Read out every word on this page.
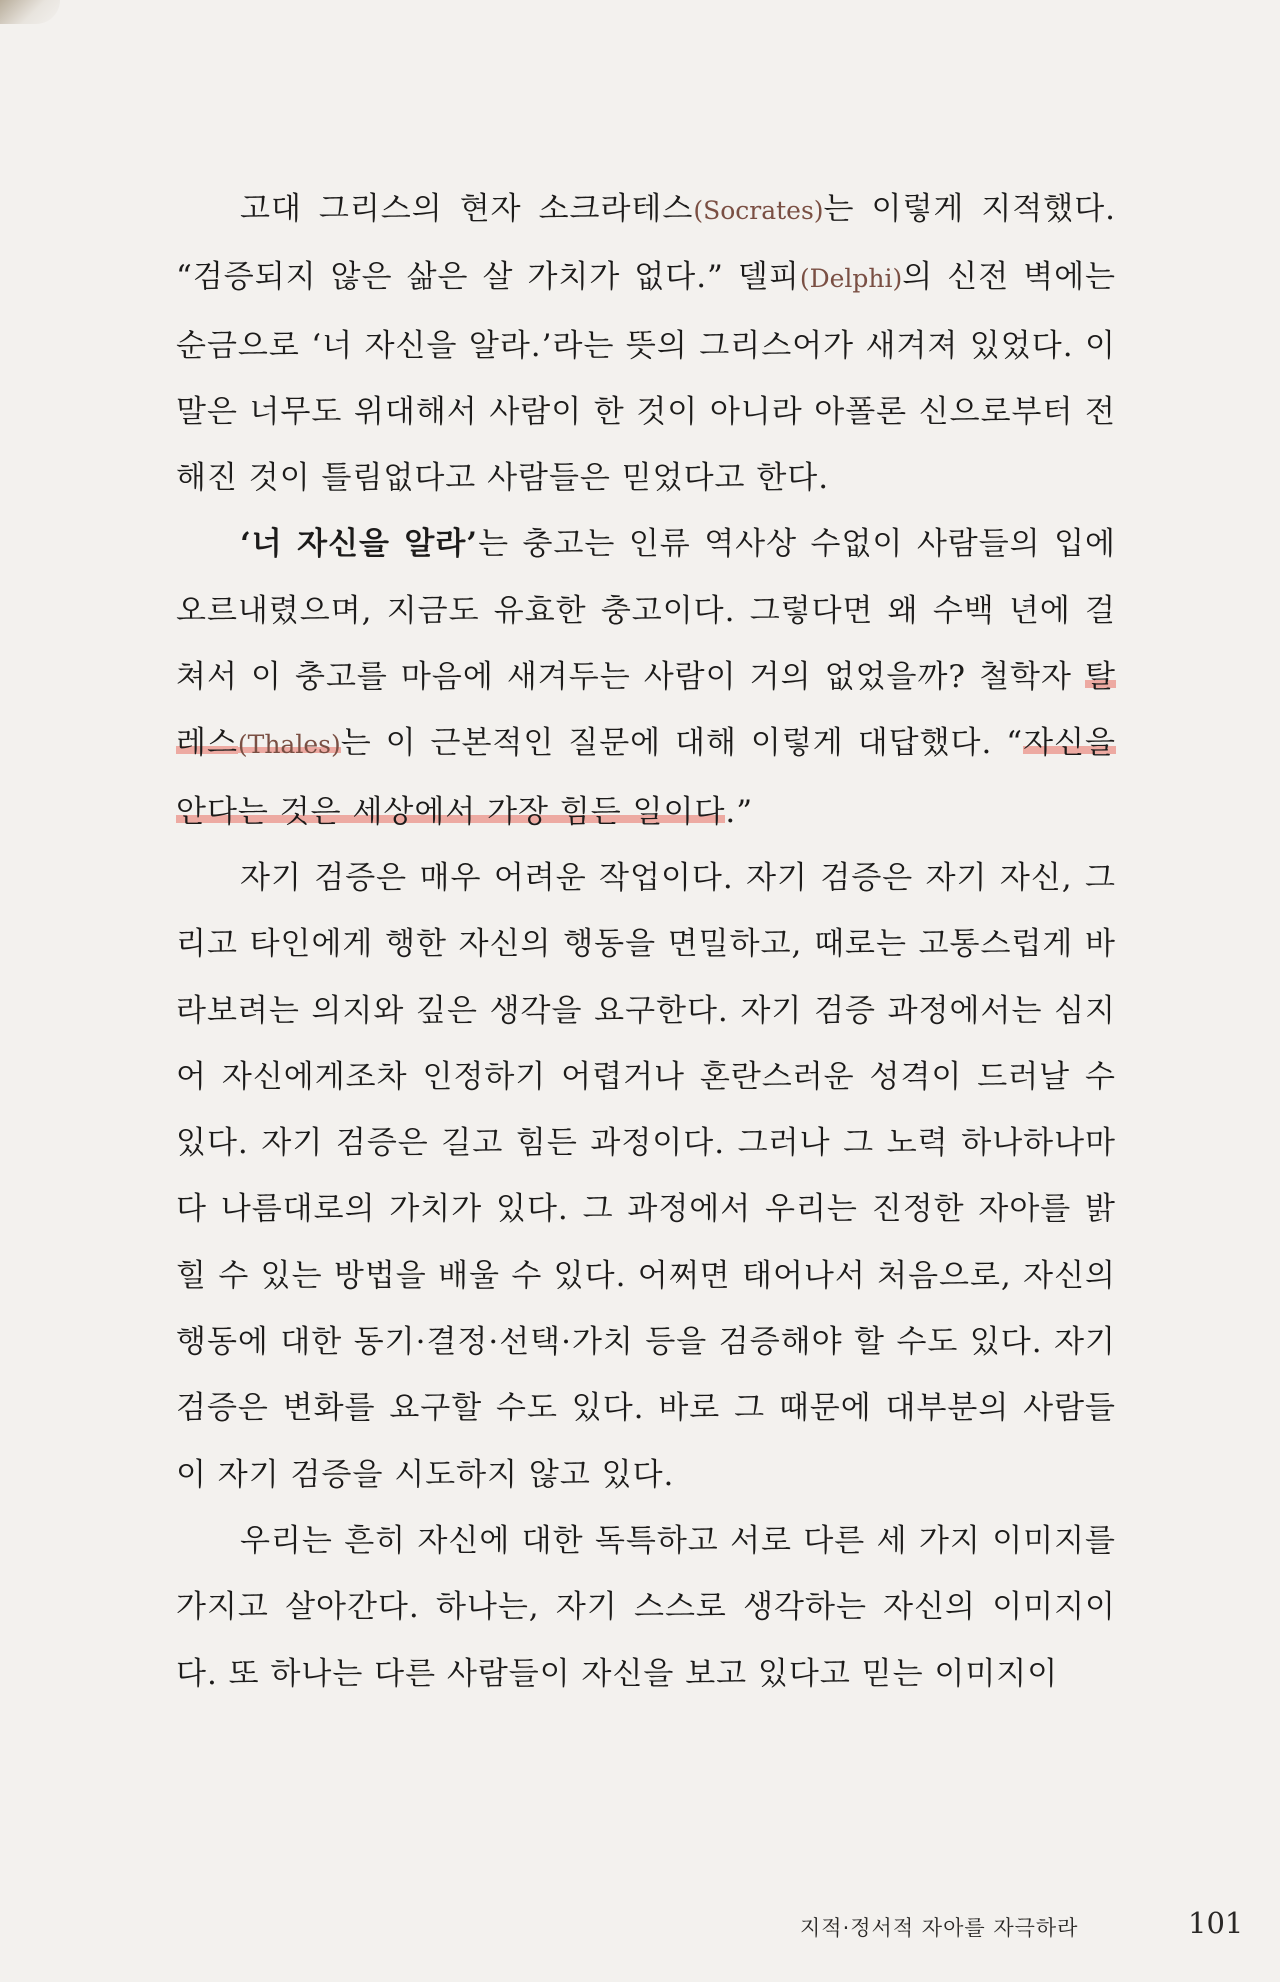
고대 그리스의 현자 소크라테스(Socrates)는 이렇게 지적했다. “검증되지 않은 삶은 살 가치가 없다.” 델피(Delphi)의 신전 벽에는 순금으로 ‘너 자신을 알라.’라는 뜻의 그리스어가 새겨져 있었다. 이 말은 너무도 위대해서 사람이 한 것이 아니라 아폴론 신으로부터 전해진 것이 틀림없다고 사람들은 믿었다고 한다.

‘너 자신을 알라’는 충고는 인류 역사상 수없이 사람들의 입에 오르내렸으며, 지금도 유효한 충고이다. 그렇다면 왜 수백 년에 걸쳐서 이 충고를 마음에 새겨두는 사람이 거의 없었을까? 철학자 탈레스(Thales)는 이 근본적인 질문에 대해 이렇게 대답했다. “자신을 안다는 것은 세상에서 가장 힘든 일이다.”

자기 검증은 매우 어려운 작업이다. 자기 검증은 자기 자신, 그리고 타인에게 행한 자신의 행동을 면밀하고, 때로는 고통스럽게 바라보려는 의지와 깊은 생각을 요구한다. 자기 검증 과정에서는 심지어 자신에게조차 인정하기 어렵거나 혼란스러운 성격이 드러날 수 있다. 자기 검증은 길고 힘든 과정이다. 그러나 그 노력 하나하나마다 나름대로의 가치가 있다. 그 과정에서 우리는 진정한 자아를 밝힐 수 있는 방법을 배울 수 있다. 어쩌면 태어나서 처음으로, 자신의 행동에 대한 동기·결정·선택·가치 등을 검증해야 할 수도 있다. 자기 검증은 변화를 요구할 수도 있다. 바로 그 때문에 대부분의 사람들이 자기 검증을 시도하지 않고 있다.

우리는 흔히 자신에 대한 독특하고 서로 다른 세 가지 이미지를 가지고 살아간다. 하나는, 자기 스스로 생각하는 자신의 이미지이다. 또 하나는 다른 사람들이 자신을 보고 있다고 믿는 이미지이

지적·정서적 자아를 자극하라	101
